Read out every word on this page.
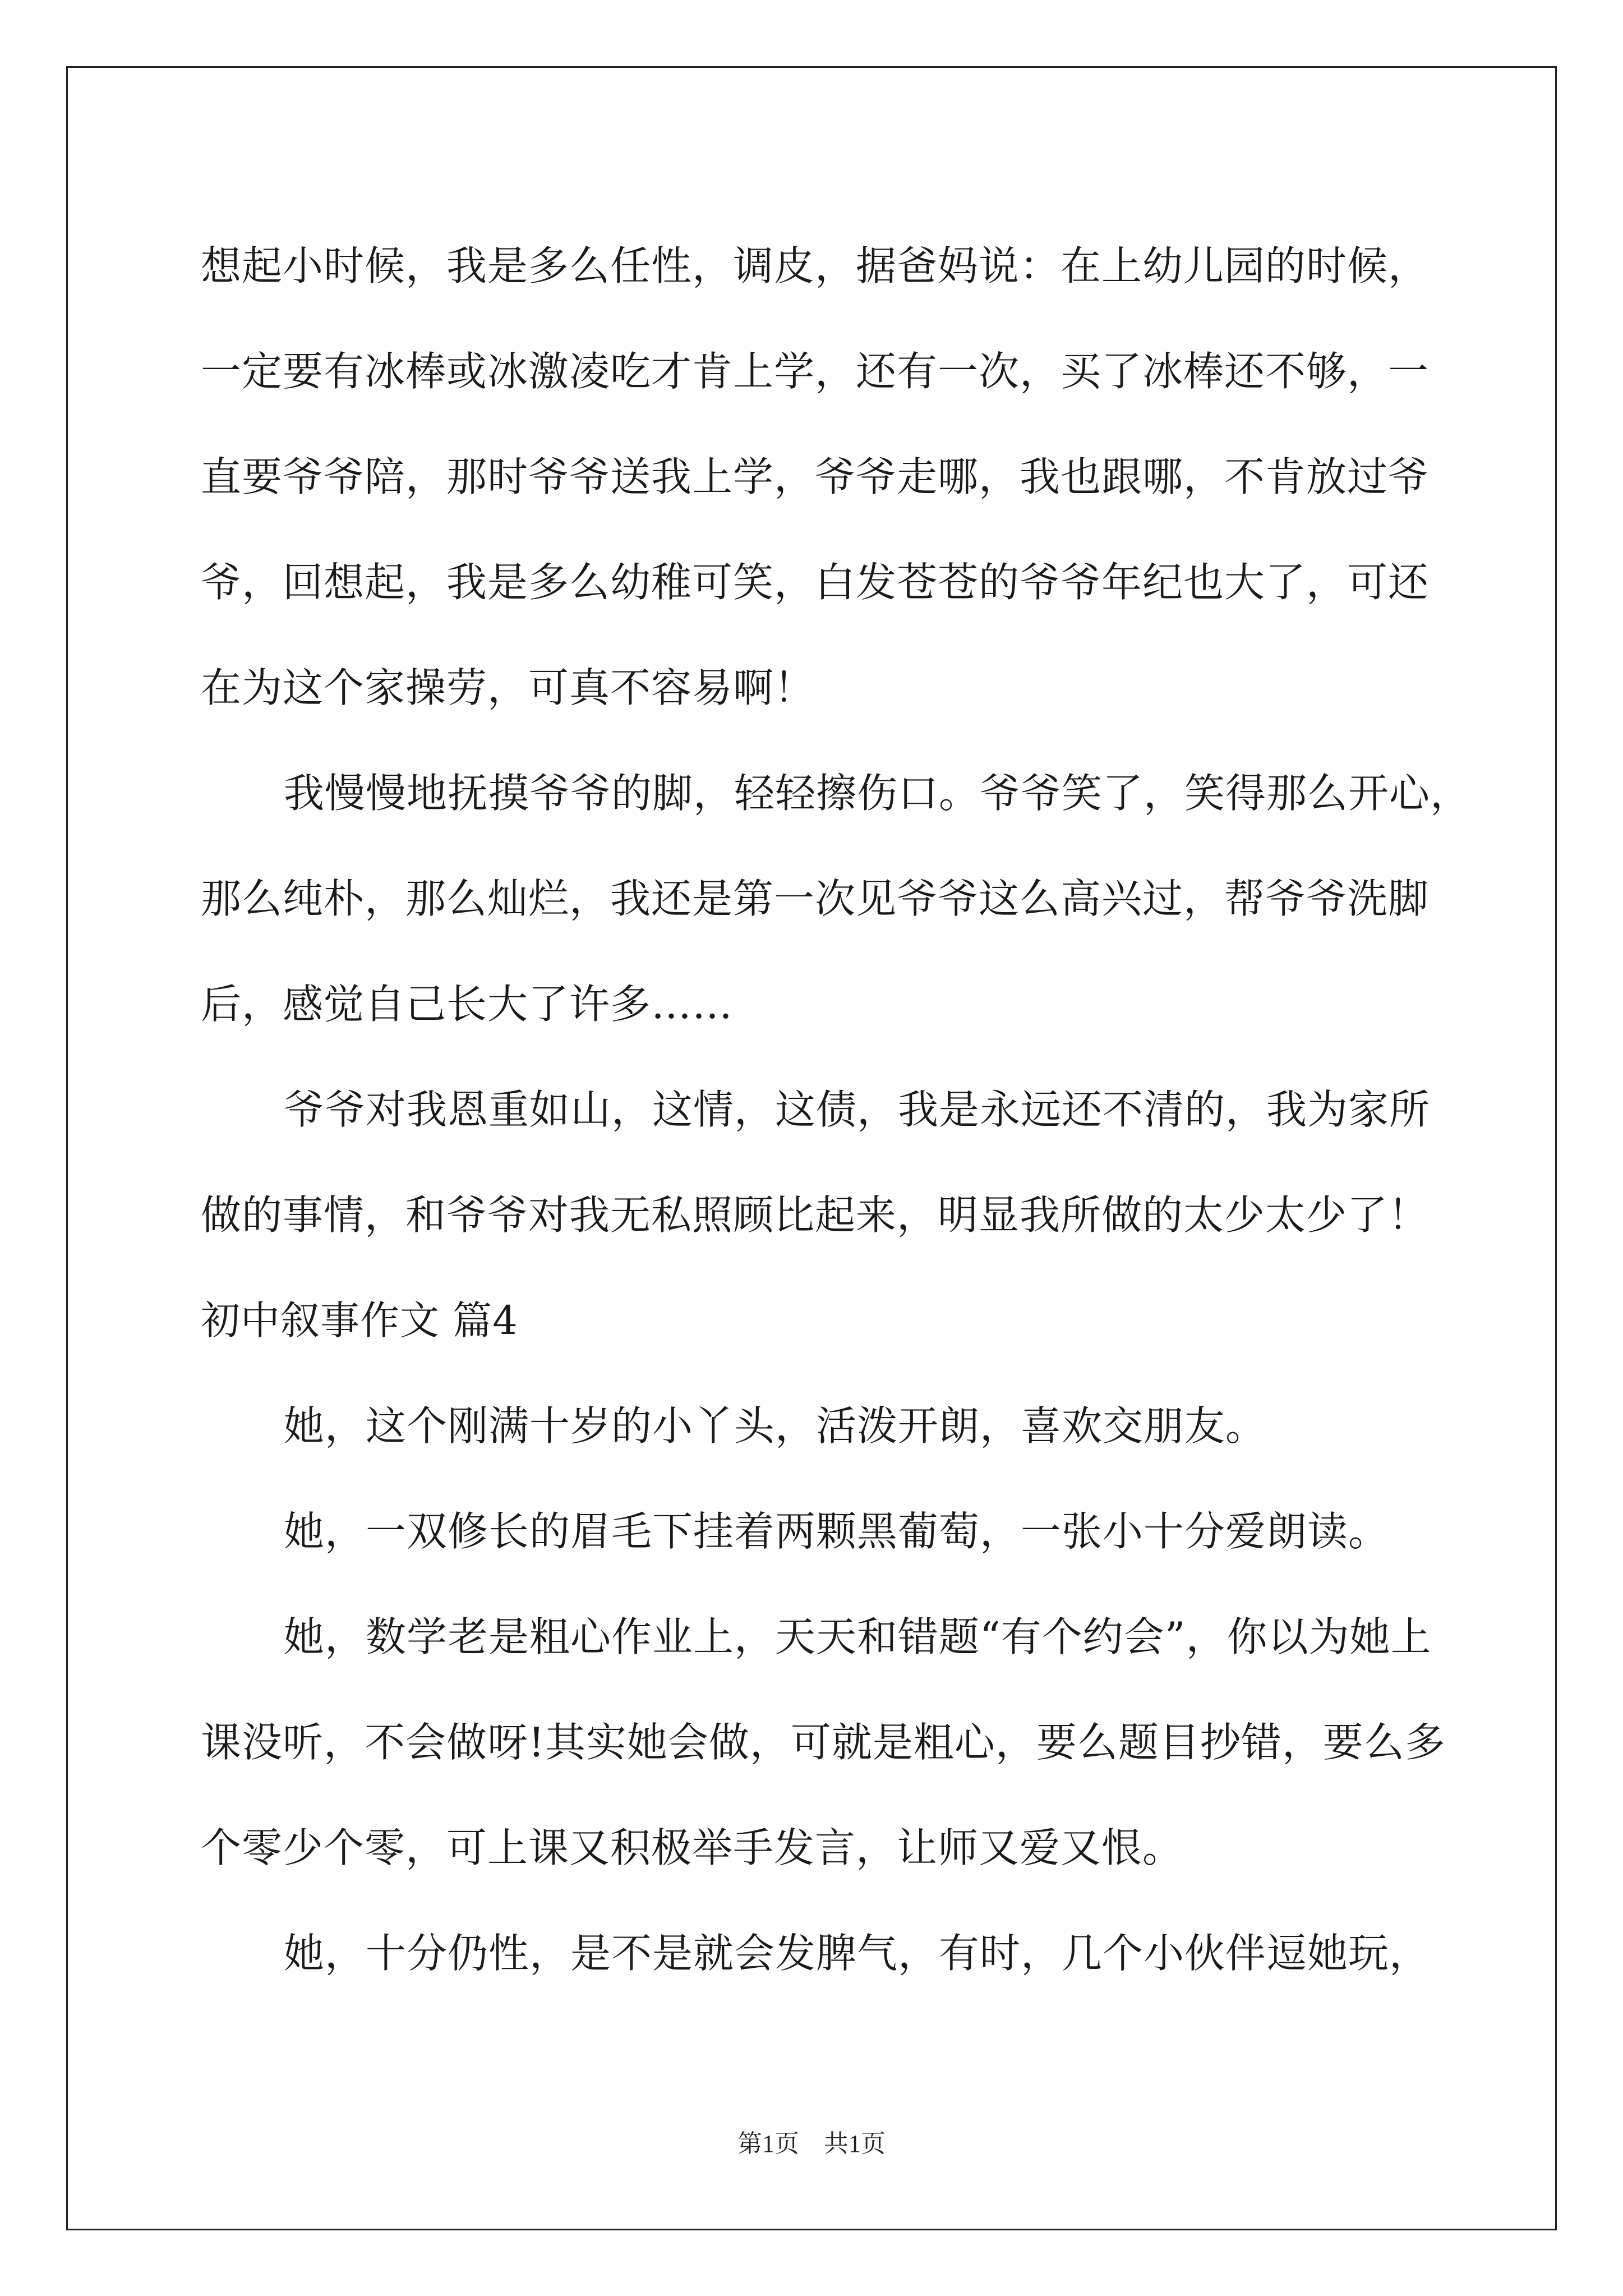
想起小时候，我是多么任性，调皮，据爸妈说：在上幼儿园的时候，
一定要有冰棒或冰激凌吃才肯上学，还有一次，买了冰棒还不够，一
直要爷爷陪，那时爷爷送我上学，爷爷走哪，我也跟哪，不肯放过爷
爷，回想起，我是多么幼稚可笑，白发苍苍的爷爷年纪也大了，可还
在为这个家操劳，可真不容易啊！
我慢慢地抚摸爷爷的脚，轻轻擦伤口。爷爷笑了，笑得那么开心，
那么纯朴，那么灿烂，我还是第一次见爷爷这么高兴过，帮爷爷洗脚
后，感觉自己长大了许多……
爷爷对我恩重如山，这情，这债，我是永远还不清的，我为家所
做的事情，和爷爷对我无私照顾比起来，明显我所做的太少太少了！
初中叙事作文 篇4
她，这个刚满十岁的小丫头，活泼开朗，喜欢交朋友。
她，一双修长的眉毛下挂着两颗黑葡萄，一张小十分爱朗读。
她，数学老是粗心作业上，天天和错题“有个约会”，你以为她上
课没听，不会做呀!其实她会做，可就是粗心，要么题目抄错，要么多
个零少个零，可上课又积极举手发言，让师又爱又恨。
她，十分仍性，是不是就会发脾气，有时，几个小伙伴逗她玩，
第1页　共1页
